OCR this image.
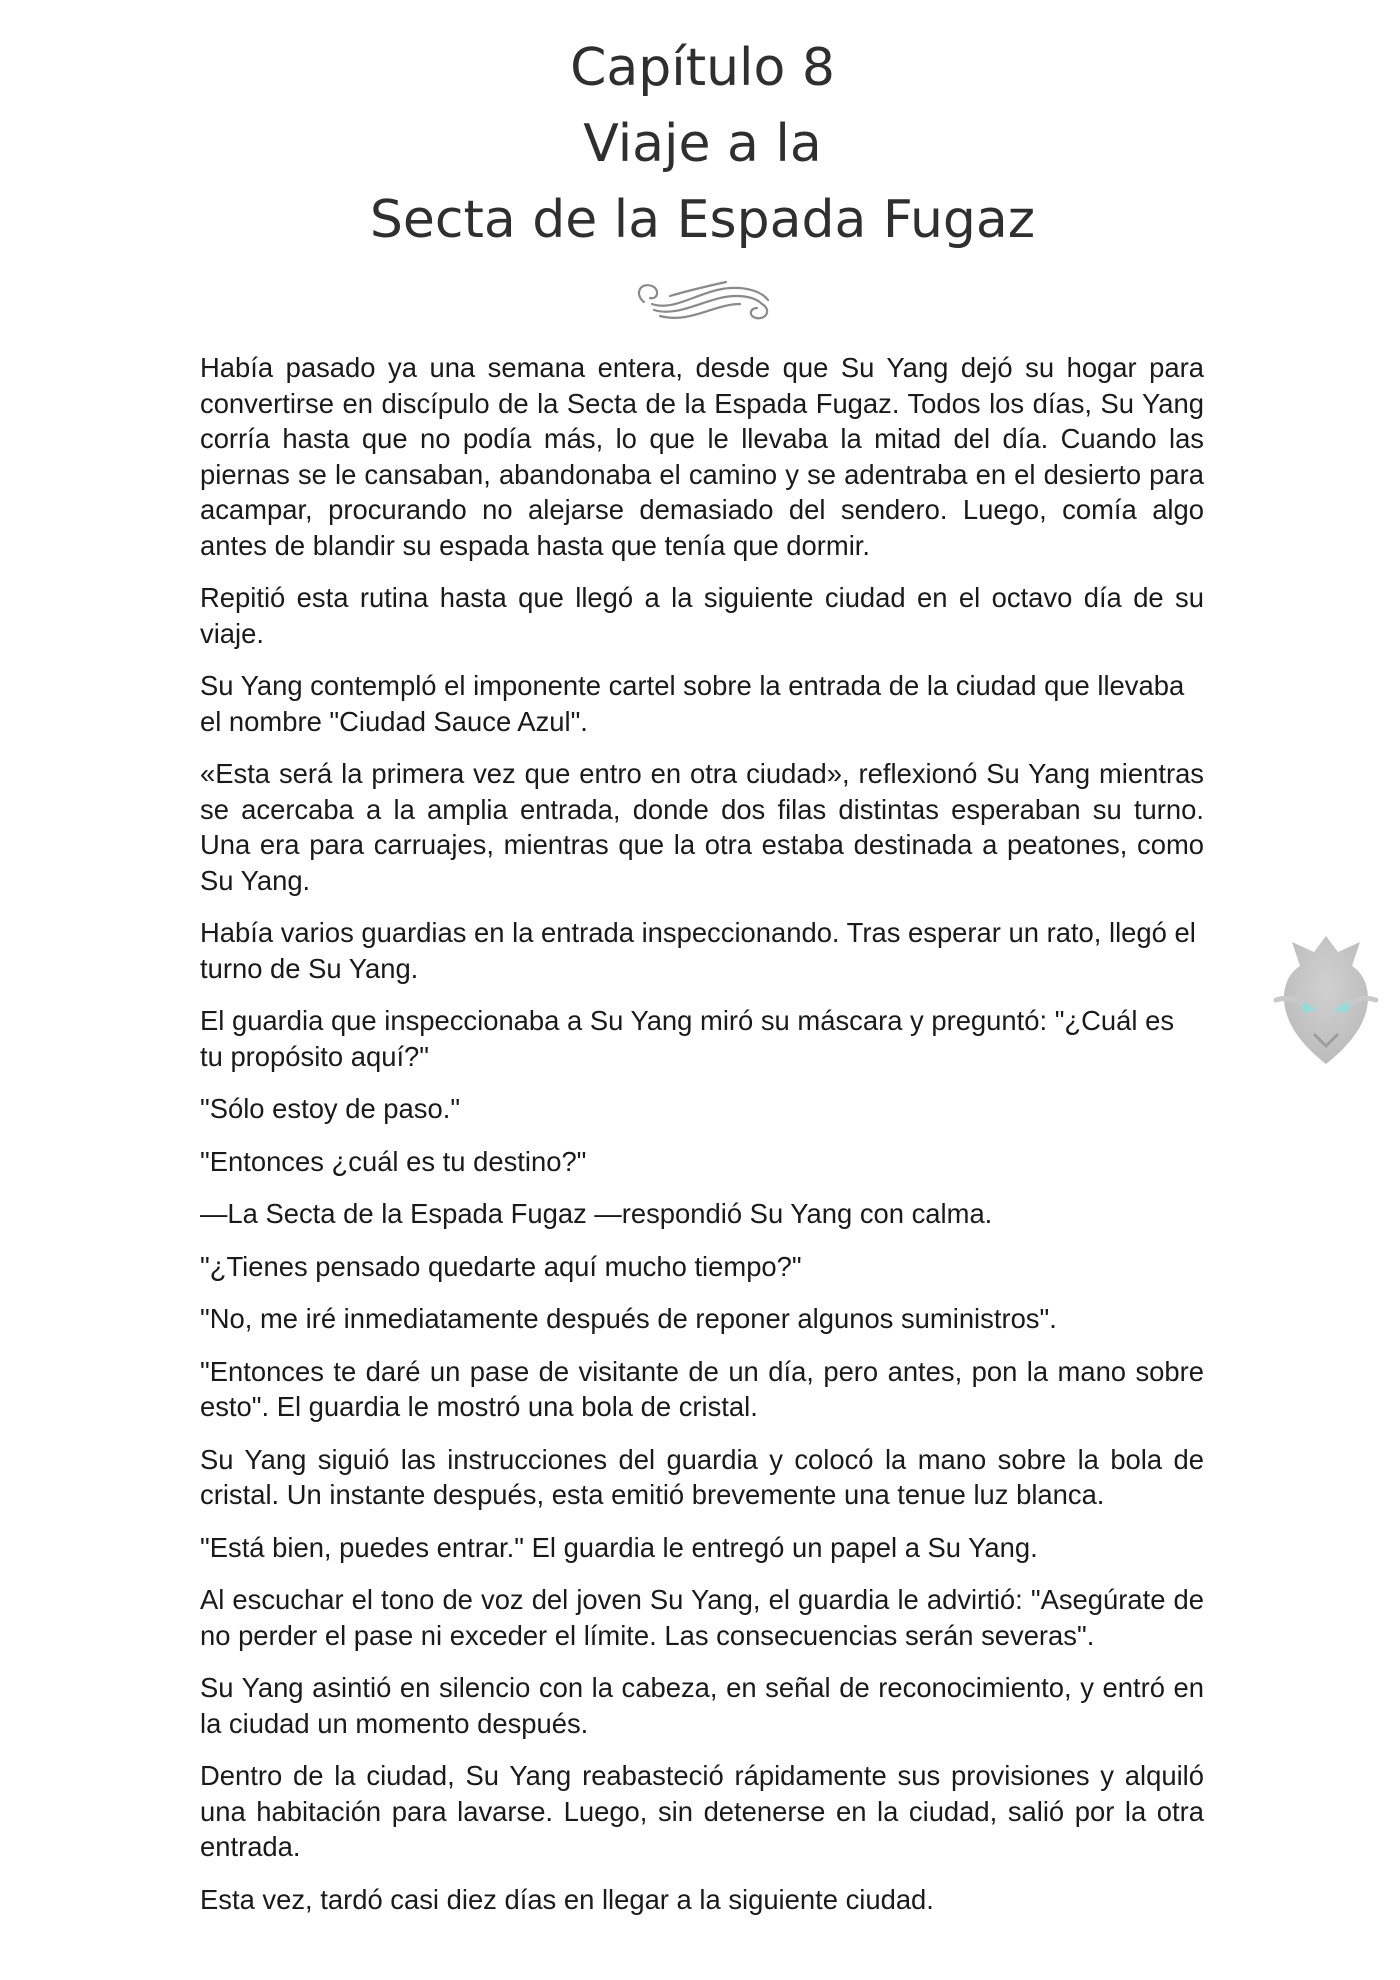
Capítulo 8
Viaje a la
Secta de la Espada Fugaz

Había pasado ya una semana entera, desde que Su Yang dejó su hogar para convertirse en discípulo de la Secta de la Espada Fugaz. Todos los días, Su Yang corría hasta que no podía más, lo que le llevaba la mitad del día. Cuando las piernas se le cansaban, abandonaba el camino y se adentraba en el desierto para acampar, procurando no alejarse demasiado del sendero. Luego, comía algo antes de blandir su espada hasta que tenía que dormir.

Repitió esta rutina hasta que llegó a la siguiente ciudad en el octavo día de su viaje.

Su Yang contempló el imponente cartel sobre la entrada de la ciudad que llevaba el nombre "Ciudad Sauce Azul".

«Esta será la primera vez que entro en otra ciudad», reflexionó Su Yang mientras se acercaba a la amplia entrada, donde dos filas distintas esperaban su turno. Una era para carruajes, mientras que la otra estaba destinada a peatones, como Su Yang.

Había varios guardias en la entrada inspeccionando. Tras esperar un rato, llegó el turno de Su Yang.

El guardia que inspeccionaba a Su Yang miró su máscara y preguntó: "¿Cuál es tu propósito aquí?"

"Sólo estoy de paso."

"Entonces ¿cuál es tu destino?"

—La Secta de la Espada Fugaz —respondió Su Yang con calma.

"¿Tienes pensado quedarte aquí mucho tiempo?"

"No, me iré inmediatamente después de reponer algunos suministros".

"Entonces te daré un pase de visitante de un día, pero antes, pon la mano sobre esto". El guardia le mostró una bola de cristal.

Su Yang siguió las instrucciones del guardia y colocó la mano sobre la bola de cristal. Un instante después, esta emitió brevemente una tenue luz blanca.

"Está bien, puedes entrar." El guardia le entregó un papel a Su Yang.

Al escuchar el tono de voz del joven Su Yang, el guardia le advirtió: "Asegúrate de no perder el pase ni exceder el límite. Las consecuencias serán severas".

Su Yang asintió en silencio con la cabeza, en señal de reconocimiento, y entró en la ciudad un momento después.

Dentro de la ciudad, Su Yang reabasteció rápidamente sus provisiones y alquiló una habitación para lavarse. Luego, sin detenerse en la ciudad, salió por la otra entrada.

Esta vez, tardó casi diez días en llegar a la siguiente ciudad.
